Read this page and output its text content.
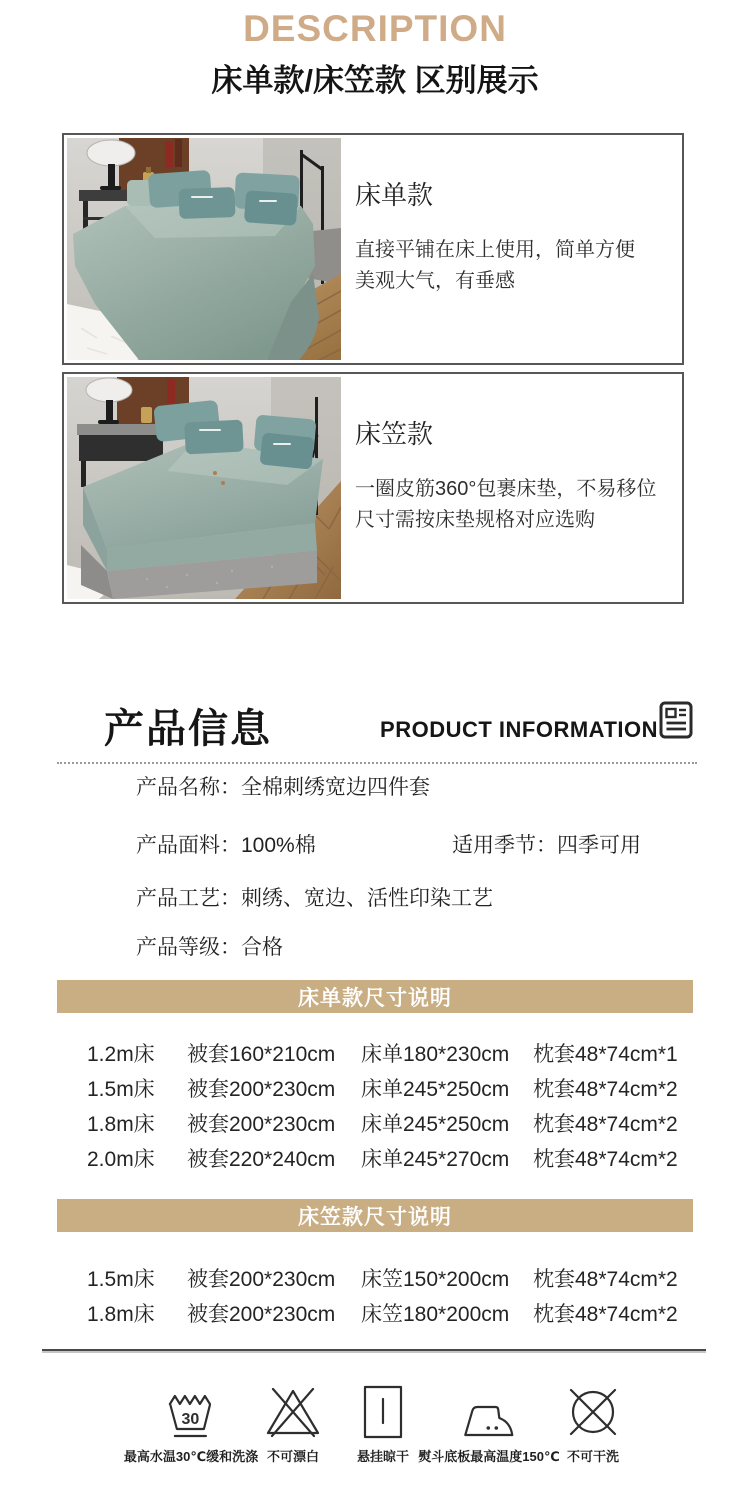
DESCRIPTION
床单款/床笠款 区别展示
床单款
直接平铺在床上使用，简单方便
美观大气，有垂感
床笠款
一圈皮筋360°包裹床垫，不易移位
尺寸需按床垫规格对应选购
产品信息	PRODUCT INFORMATION
产品名称：全棉刺绣宽边四件套
产品面料：100%棉	适用季节：四季可用
产品工艺：刺绣、宽边、活性印染工艺
产品等级：合格
床单款尺寸说明
1.2m床	被套160*210cm	床单180*230cm	枕套48*74cm*1
1.5m床	被套200*230cm	床单245*250cm	枕套48*74cm*2
1.8m床	被套200*230cm	床单245*250cm	枕套48*74cm*2
2.0m床	被套220*240cm	床单245*270cm	枕套48*74cm*2
床笠款尺寸说明
1.5m床	被套200*230cm	床笠150*200cm	枕套48*74cm*2
1.8m床	被套200*230cm	床笠180*200cm	枕套48*74cm*2
30
最高水温30℃缓和洗涤 不可漂白	悬挂晾干 熨斗底板最高温度150℃ 不可干洗
